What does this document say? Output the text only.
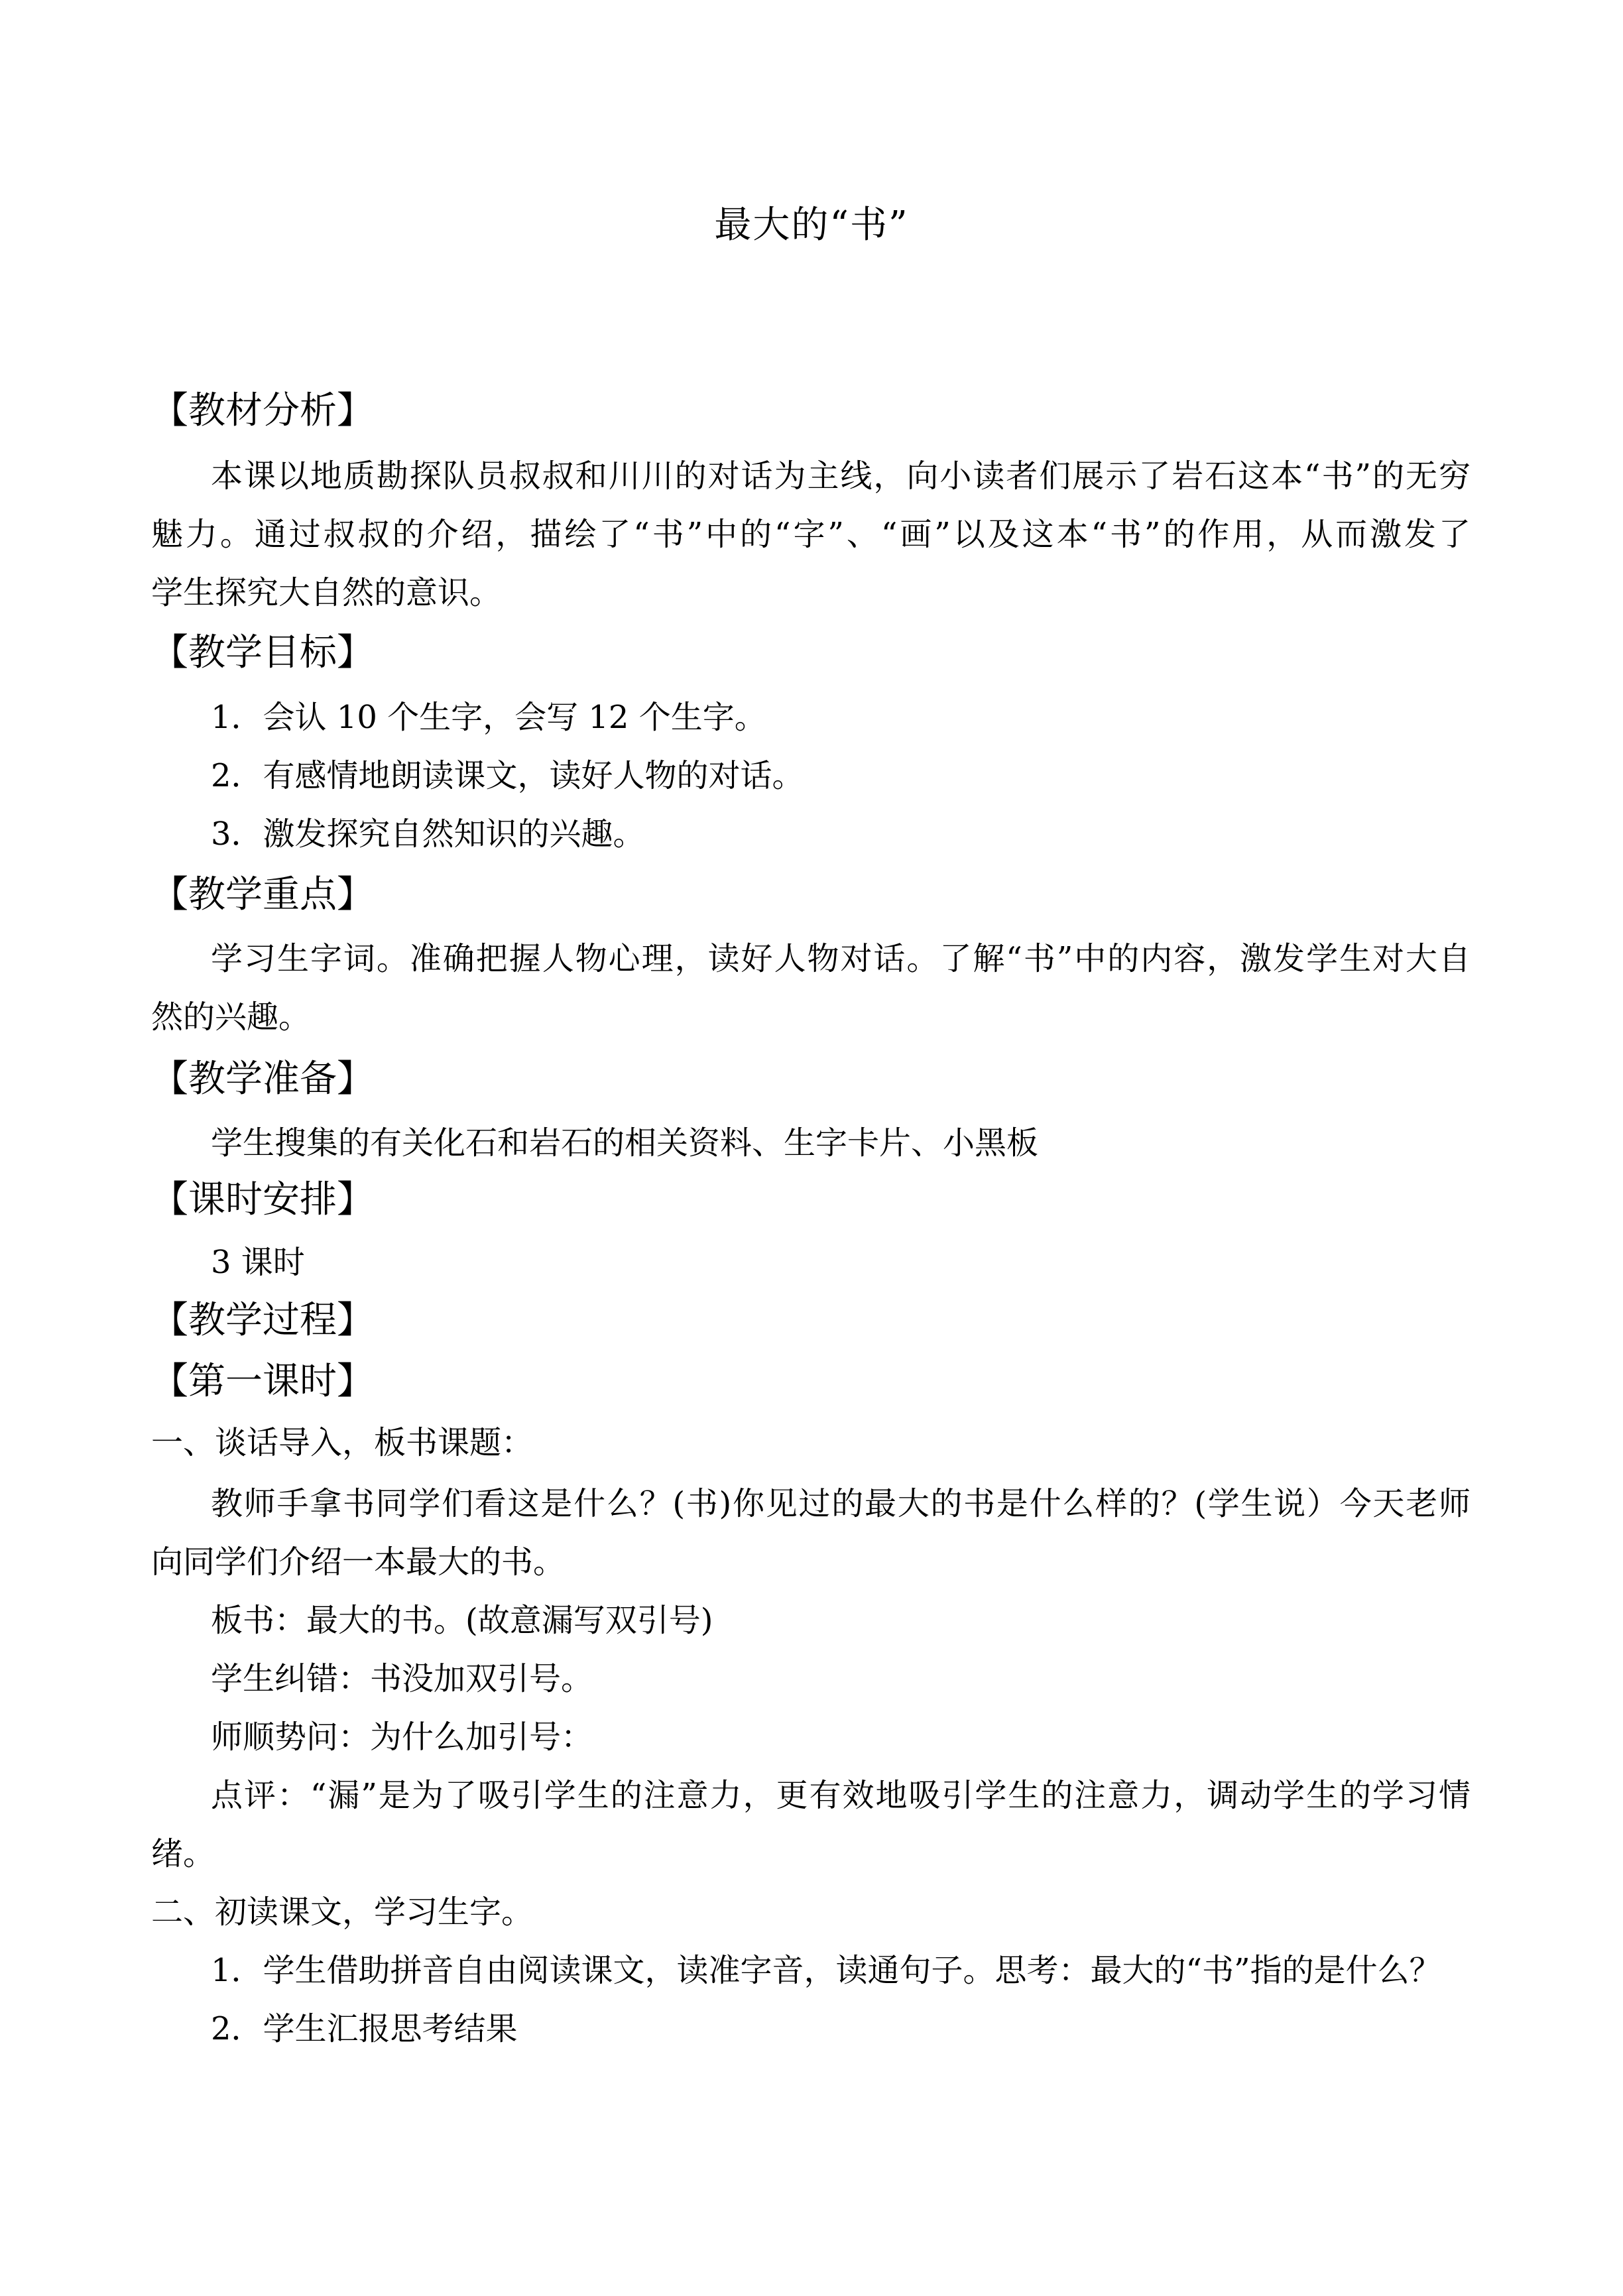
最大的“书”
【教材分析】
本课以地质勘探队员叔叔和川川的对话为主线，向小读者们展示了岩石这本“书”的无穷
魅力。通过叔叔的介绍，描绘了“书”中的“字”、“画”以及这本“书”的作用，从而激发了
学生探究大自然的意识。
【教学目标】
1．会认 10 个生字，会写 12 个生字。
2．有感情地朗读课文，读好人物的对话。
3．激发探究自然知识的兴趣。
【教学重点】
学习生字词。准确把握人物心理，读好人物对话。了解“书”中的内容，激发学生对大自
然的兴趣。
【教学准备】
学生搜集的有关化石和岩石的相关资料、生字卡片、小黑板
【课时安排】
3 课时
【教学过程】
【第一课时】
一、谈话导入，板书课题：
教师手拿书同学们看这是什么？(书)你见过的最大的书是什么样的？(学生说）今天老师
向同学们介绍一本最大的书。
板书：最大的书。(故意漏写双引号)
学生纠错：书没加双引号。
师顺势问：为什么加引号：
点评：“漏”是为了吸引学生的注意力，更有效地吸引学生的注意力，调动学生的学习情
绪。
二、初读课文，学习生字。
1．学生借助拼音自由阅读课文，读准字音，读通句子。思考：最大的“书”指的是什么？
2．学生汇报思考结果
